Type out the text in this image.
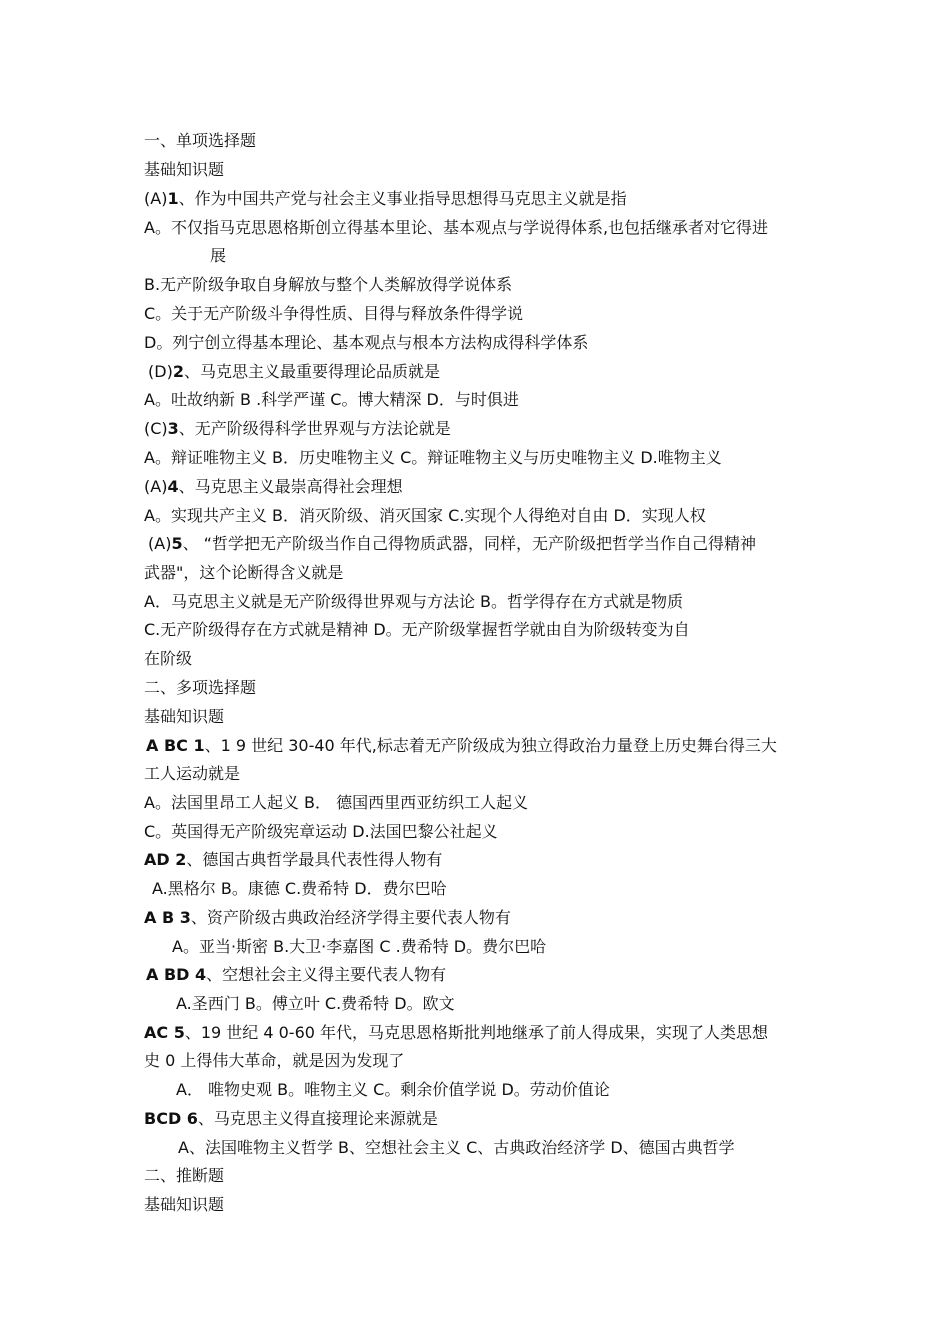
一、单项选择题
基础知识题
(A)1、作为中国共产党与社会主义事业指导思想得马克思主义就是指
A。不仅指马克思恩格斯创立得基本里论、基本观点与学说得体系,也包括继承者对它得进
展
B.无产阶级争取自身解放与整个人类解放得学说体系
C。关于无产阶级斗争得性质、目得与释放条件得学说
D。列宁创立得基本理论、基本观点与根本方法构成得科学体系
(D)2、马克思主义最重要得理论品质就是
A。吐故纳新 B .科学严谨 C。博大精深 D．与时俱进
(C)3、无产阶级得科学世界观与方法论就是
A。辩证唯物主义 B．历史唯物主义 C。辩证唯物主义与历史唯物主义 D.唯物主义
(A)4、马克思主义最崇高得社会理想
A。实现共产主义 B．消灭阶级、消灭国家 C.实现个人得绝对自由 D．实现人权
(A)5、 “哲学把无产阶级当作自己得物质武器，同样，无产阶级把哲学当作自己得精神
武器"，这个论断得含义就是
A．马克思主义就是无产阶级得世界观与方法论 B。哲学得存在方式就是物质
C.无产阶级得存在方式就是精神 D。无产阶级掌握哲学就由自为阶级转变为自
在阶级
二、多项选择题
基础知识题
A BC 1、1 9 世纪 30-40 年代,标志着无产阶级成为独立得政治力量登上历史舞台得三大
工人运动就是
A。法国里昂工人起义 B． 德国西里西亚纺织工人起义
C。英国得无产阶级宪章运动 D.法国巴黎公社起义
AD 2、德国古典哲学最具代表性得人物有
A.黑格尔 B。康德 C.费希特 D．费尔巴哈
A B 3、资产阶级古典政治经济学得主要代表人物有
A。亚当·斯密 B.大卫·李嘉图 C .费希特 D。费尔巴哈
A BD 4、空想社会主义得主要代表人物有
A.圣西门 B。傅立叶 C.费希特 D。欧文
AC 5、19 世纪 4 0-60 年代，马克思恩格斯批判地继承了前人得成果，实现了人类思想
史 0 上得伟大革命，就是因为发现了
A． 唯物史观 B。唯物主义 C。剩余价值学说 D。劳动价值论
BCD 6、马克思主义得直接理论来源就是
A、法国唯物主义哲学 B、空想社会主义 C、古典政治经济学 D、德国古典哲学
二、推断题
基础知识题
